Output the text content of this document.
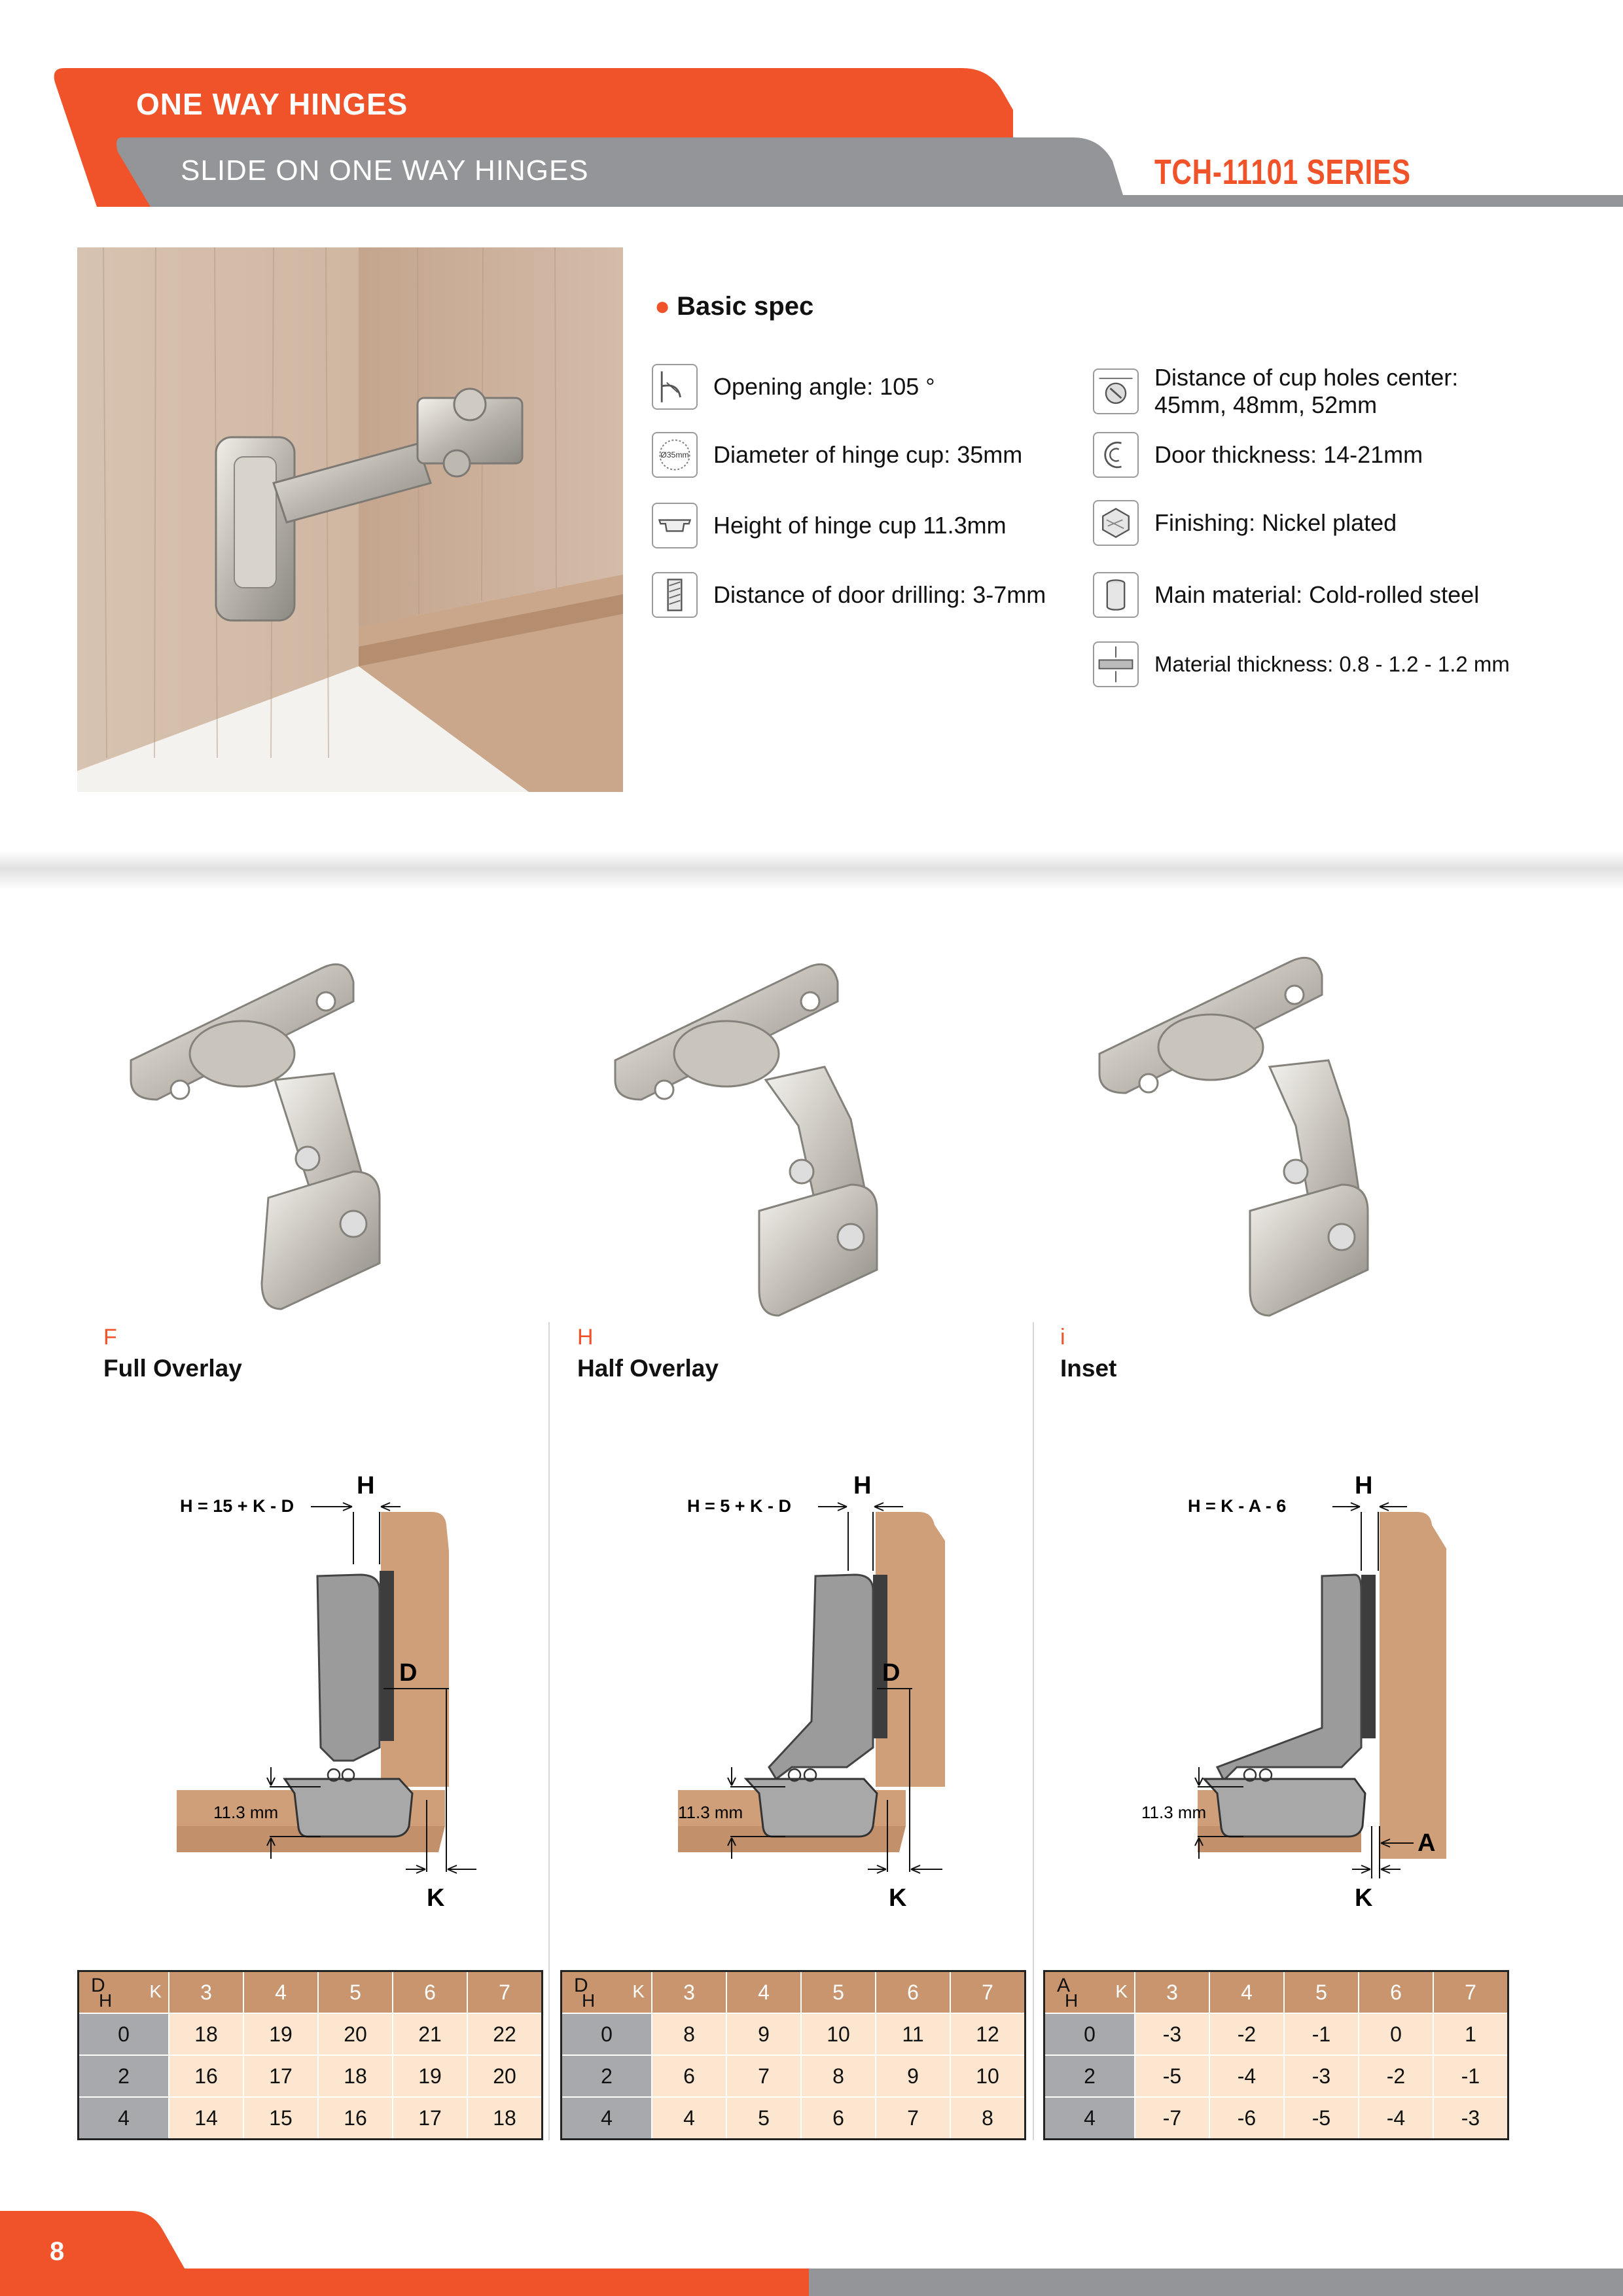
ONE WAY HINGES
SLIDE ON ONE WAY HINGES	TCH-11101 SERIES
● Basic spec
Opening angle: 105 °
Ø35mm Diameter of hinge cup: 35mm
Height of hinge cup 11.3mm
Distance of door drilling: 3-7mm
Distance of cup holes center:
45mm, 48mm, 52mm
Door thickness: 14-21mm
Finishing: Nickel plated
Main material: Cold-rolled steel
Material thickness: 0.8 - 1.2 - 1.2 mm
F
Full Overlay
H
Half Overlay
i
Inset
H = 15 + K - D
H
D
K
11.3 mm
H = 5 + K - D
H
D
K
11.3 mm
H = K - A - 6
H
A
K
11.3 mm
D
H K	3	4	5	6	7
0	18	19	20	21	22
2	16	17	18	19	20
4	14	15	16	17	18
D
H K	3	4	5	6	7
0	8	9	10	11	12
2	6	7	8	9	10
4	4	5	6	7	8
A
H K	3	4	5	6	7
0	-3	-2	-1	0	1
2	-5	-4	-3	-2	-1
4	-7	-6	-5	-4	-3
8
